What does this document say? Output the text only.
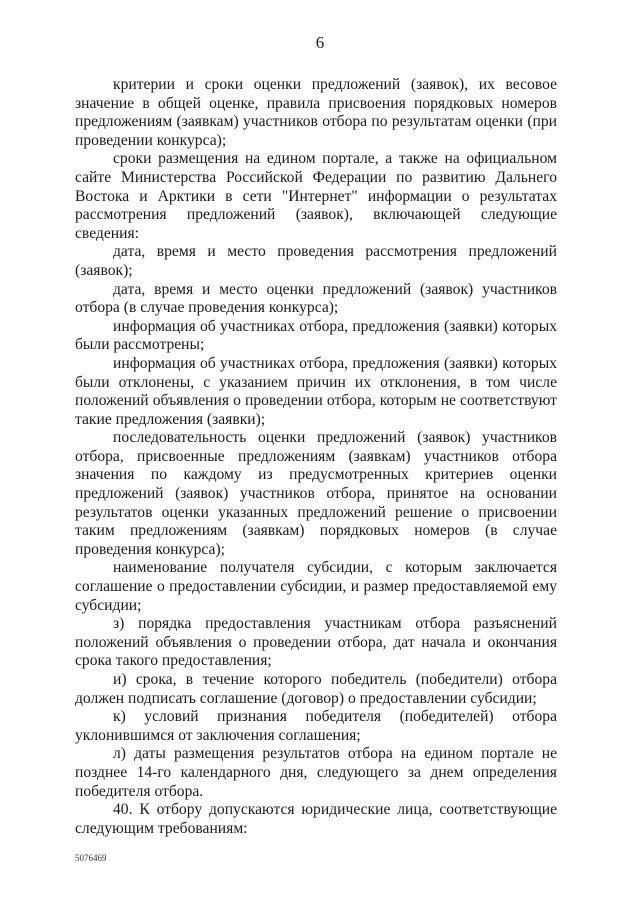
6

критерии и сроки оценки предложений (заявок), их весовое значение в общей оценке, правила присвоения порядковых номеров предложениям (заявкам) участников отбора по результатам оценки (при проведении конкурса);

сроки размещения на едином портале, а также на официальном сайте Министерства Российской Федерации по развитию Дальнего Востока и Арктики в сети "Интернет" информации о результатах рассмотрения предложений (заявок), включающей следующие сведения:

дата, время и место проведения рассмотрения предложений (заявок);

дата, время и место оценки предложений (заявок) участников отбора (в случае проведения конкурса);

информация об участниках отбора, предложения (заявки) которых были рассмотрены;

информация об участниках отбора, предложения (заявки) которых были отклонены, с указанием причин их отклонения, в том числе положений объявления о проведении отбора, которым не соответствуют такие предложения (заявки);

последовательность оценки предложений (заявок) участников отбора, присвоенные предложениям (заявкам) участников отбора значения по каждому из предусмотренных критериев оценки предложений (заявок) участников отбора, принятое на основании результатов оценки указанных предложений решение о присвоении таким предложениям (заявкам) порядковых номеров (в случае проведения конкурса);

наименование получателя субсидии, с которым заключается соглашение о предоставлении субсидии, и размер предоставляемой ему субсидии;

з) порядка предоставления участникам отбора разъяснений положений объявления о проведении отбора, дат начала и окончания срока такого предоставления;

и) срока, в течение которого победитель (победители) отбора должен подписать соглашение (договор) о предоставлении субсидии;

к) условий признания победителя (победителей) отбора уклонившимся от заключения соглашения;

л) даты размещения результатов отбора на едином портале не позднее 14-го календарного дня, следующего за днем определения победителя отбора.

40. К отбору допускаются юридические лица, соответствующие следующим требованиям:

5076469
